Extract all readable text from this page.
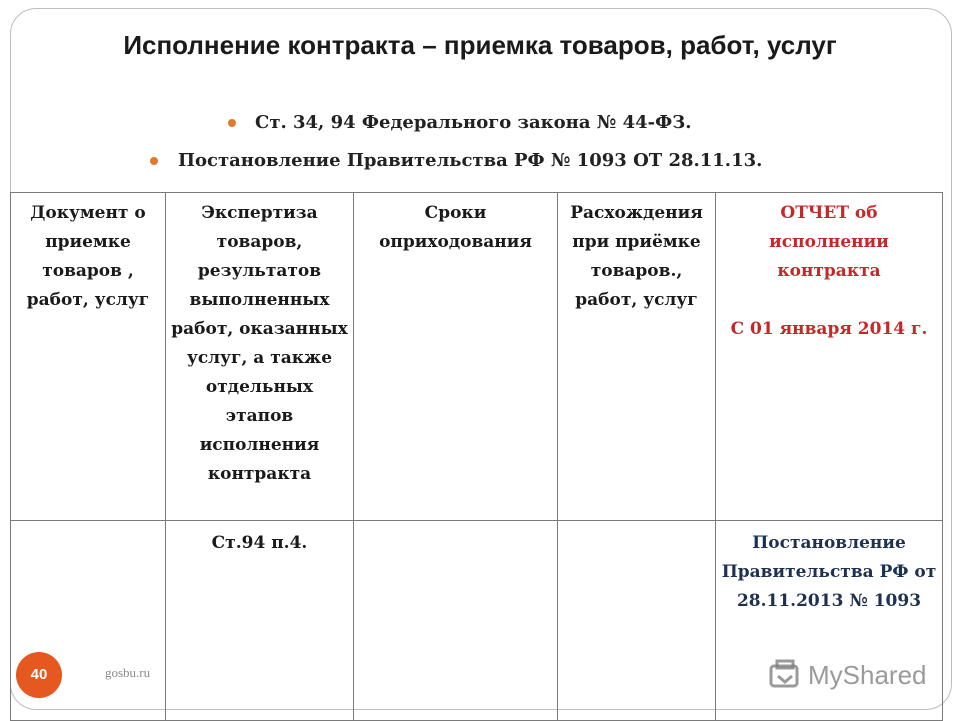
Исполнение контракта – приемка товаров, работ, услуг
Ст. 34, 94 Федерального закона № 44-ФЗ.
Постановление Правительства РФ № 1093 ОТ 28.11.13.
Документ о приемке товаров , работ, услуг	Экспертиза товаров, результатов выполненных работ, оказанных услуг, а также отдельных этапов исполнения контракта	Сроки оприходования	Расхождения при приёмке товаров., работ, услуг	ОТЧЕТ об исполнении контракта
С 01 января 2014 г.
	Ст.94 п.4.			Постановление Правительства РФ от 28.11.2013 № 1093
40	gosbu.ru	MyShared
